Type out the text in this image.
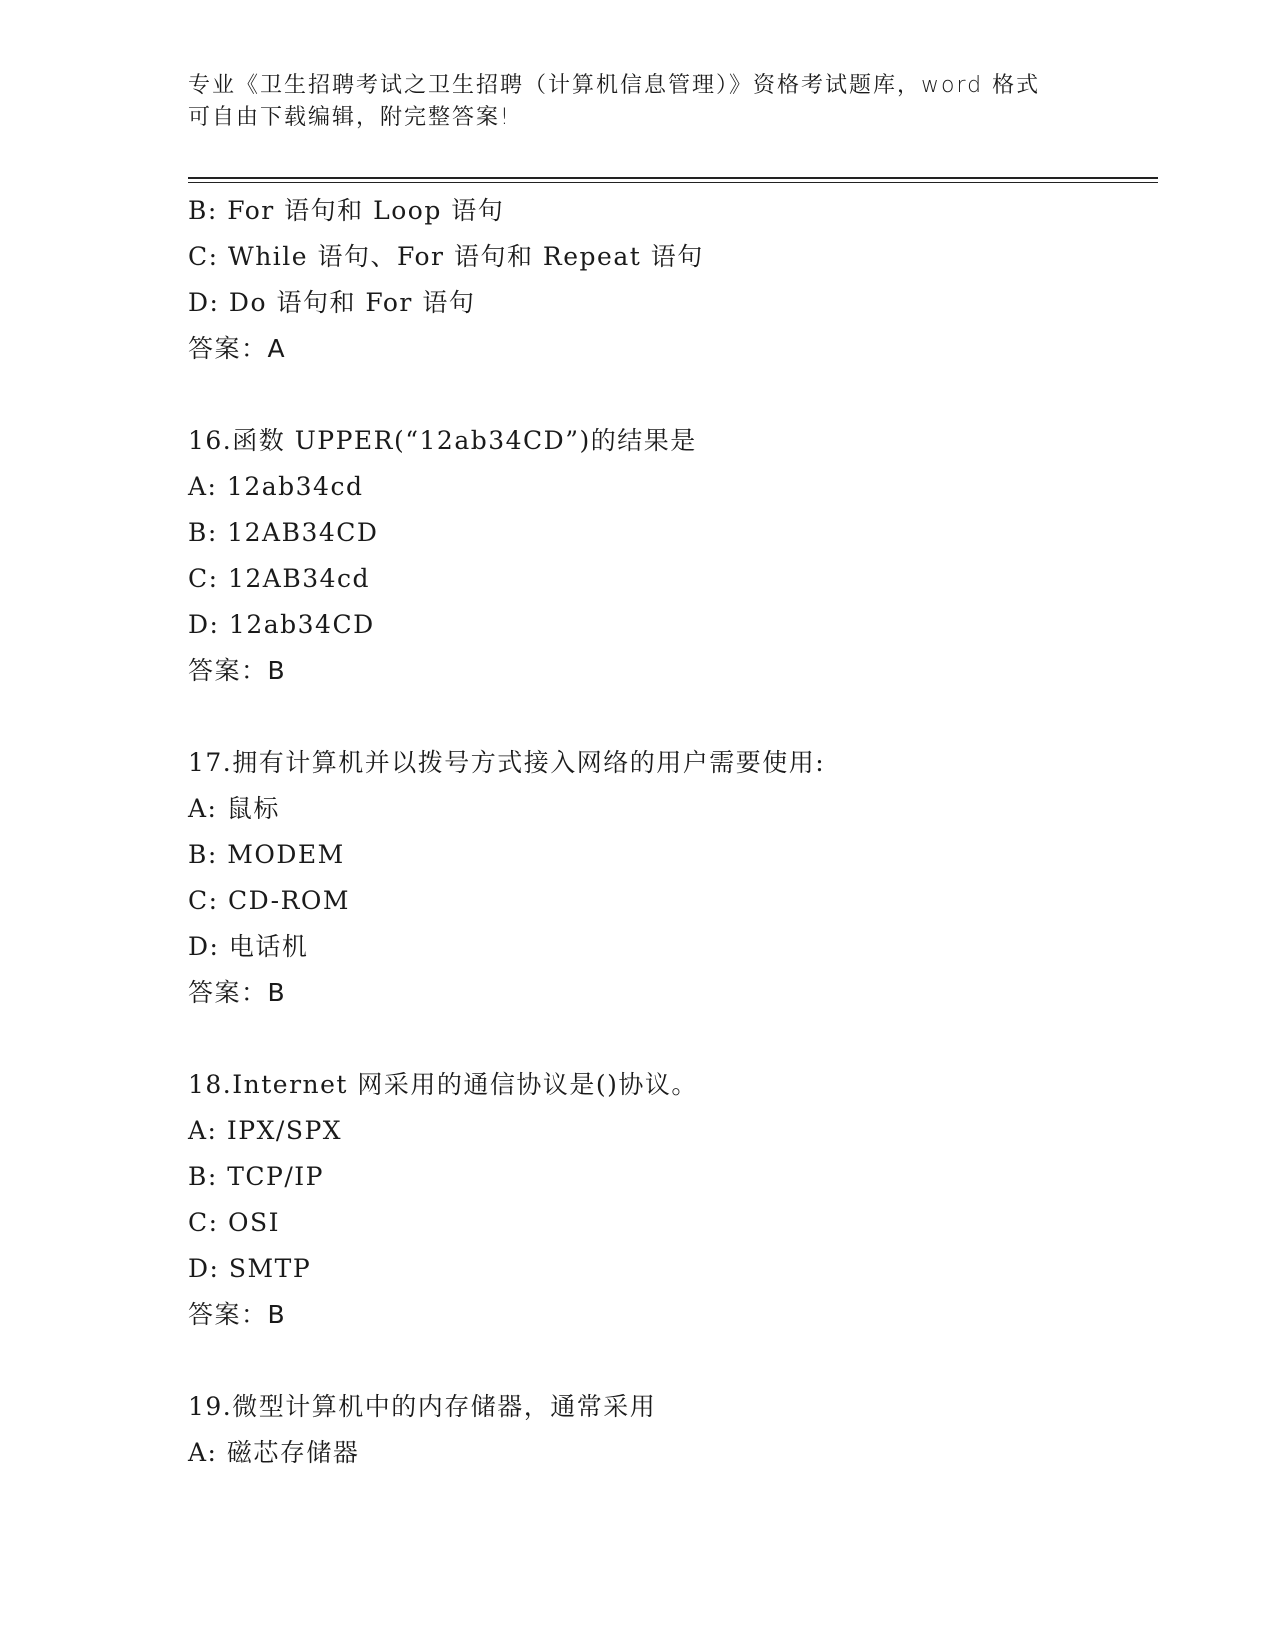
专业《卫生招聘考试之卫生招聘（计算机信息管理）》资格考试题库，word 格式
可自由下载编辑，附完整答案!
B: For 语句和 Loop 语句
C: While 语句、For 语句和 Repeat 语句
D: Do 语句和 For 语句
答案：A
16.函数 UPPER(“12ab34CD”)的结果是
A: 12ab34cd
B: 12AB34CD
C: 12AB34cd
D: 12ab34CD
答案：B
17.拥有计算机并以拨号方式接入网络的用户需要使用:
A: 鼠标
B: MODEM
C: CD-ROM
D: 电话机
答案：B
18.Internet 网采用的通信协议是()协议。
A: IPX/SPX
B: TCP/IP
C: OSI
D: SMTP
答案：B
19.微型计算机中的内存储器，通常采用
A: 磁芯存储器
